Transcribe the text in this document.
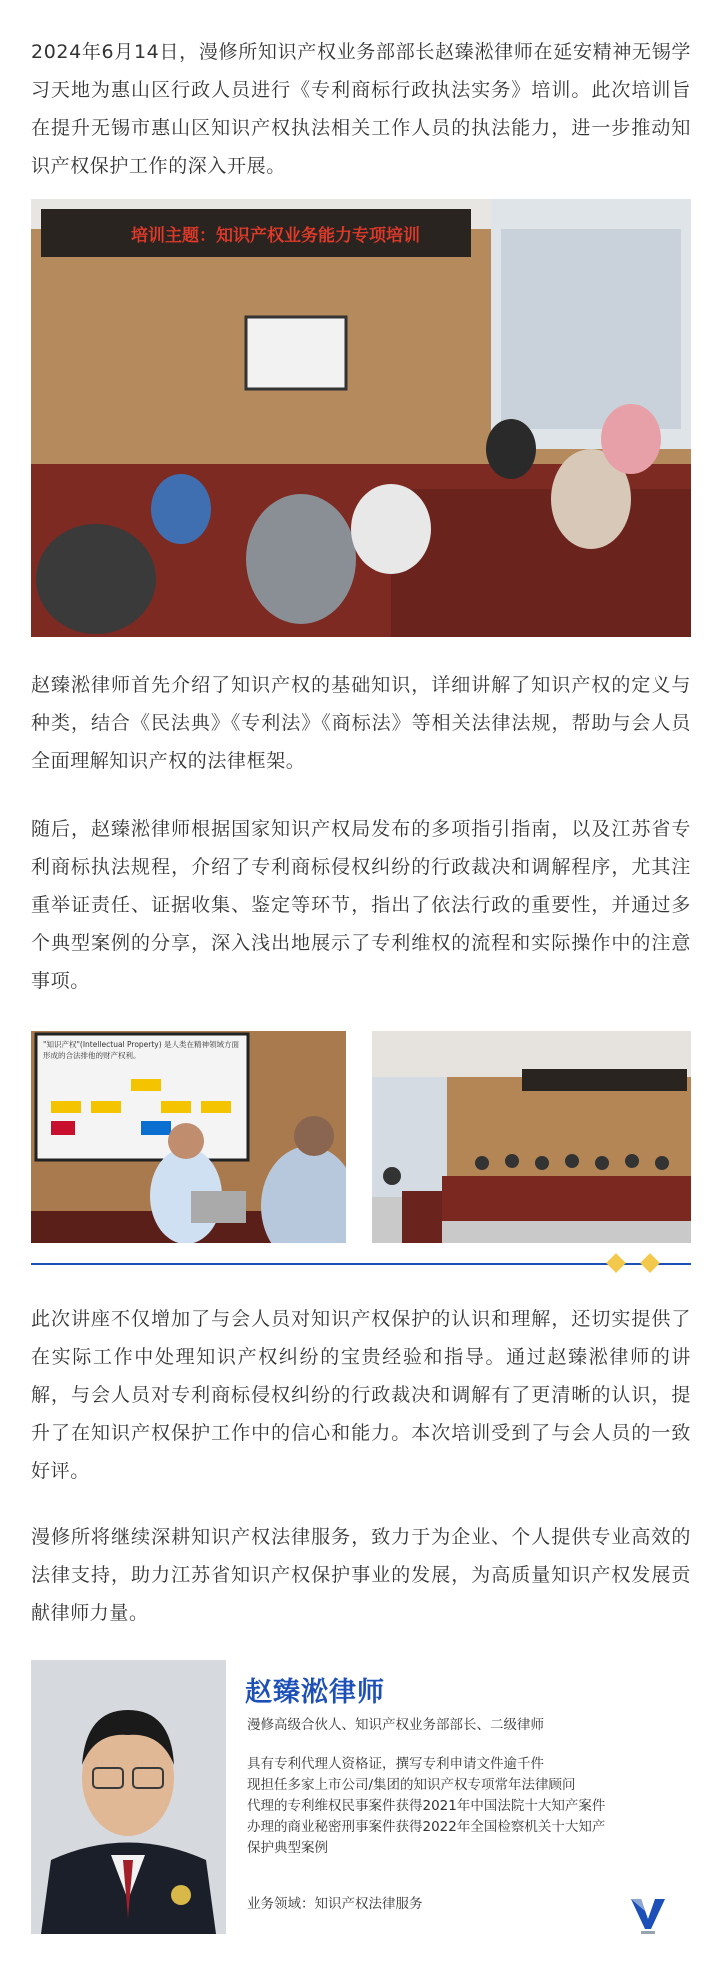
2024年6月14日，漫修所知识产权业务部部长赵臻淞律师在延安精神无锡学习天地为惠山区行政人员进行《专利商标行政执法实务》培训。此次培训旨在提升无锡市惠山区知识产权执法相关工作人员的执法能力，进一步推动知识产权保护工作的深入开展。

培训主题：知识产权业务能力专项培训

赵臻淞律师首先介绍了知识产权的基础知识，详细讲解了知识产权的定义与种类，结合《民法典》《专利法》《商标法》等相关法律法规，帮助与会人员全面理解知识产权的法律框架。

随后，赵臻淞律师根据国家知识产权局发布的多项指引指南，以及江苏省专利商标执法规程，介绍了专利商标侵权纠纷的行政裁决和调解程序，尤其注重举证责任、证据收集、鉴定等环节，指出了依法行政的重要性，并通过多个典型案例的分享，深入浅出地展示了专利维权的流程和实际操作中的注意事项。

"知识产权"(Intellectual Property) 是人类在精神领域方面形成的合法排他的财产权利。

此次讲座不仅增加了与会人员对知识产权保护的认识和理解，还切实提供了在实际工作中处理知识产权纠纷的宝贵经验和指导。通过赵臻淞律师的讲解，与会人员对专利商标侵权纠纷的行政裁决和调解有了更清晰的认识，提升了在知识产权保护工作中的信心和能力。本次培训受到了与会人员的一致好评。

漫修所将继续深耕知识产权法律服务，致力于为企业、个人提供专业高效的法律支持，助力江苏省知识产权保护事业的发展，为高质量知识产权发展贡献律师力量。

赵臻淞律师
漫修高级合伙人、知识产权业务部部长、二级律师
具有专利代理人资格证，撰写专利申请文件逾千件
现担任多家上市公司/集团的知识产权专项常年法律顾问
代理的专利维权民事案件获得2021年中国法院十大知产案件
办理的商业秘密刑事案件获得2022年全国检察机关十大知产
保护典型案例
业务领域：知识产权法律服务
